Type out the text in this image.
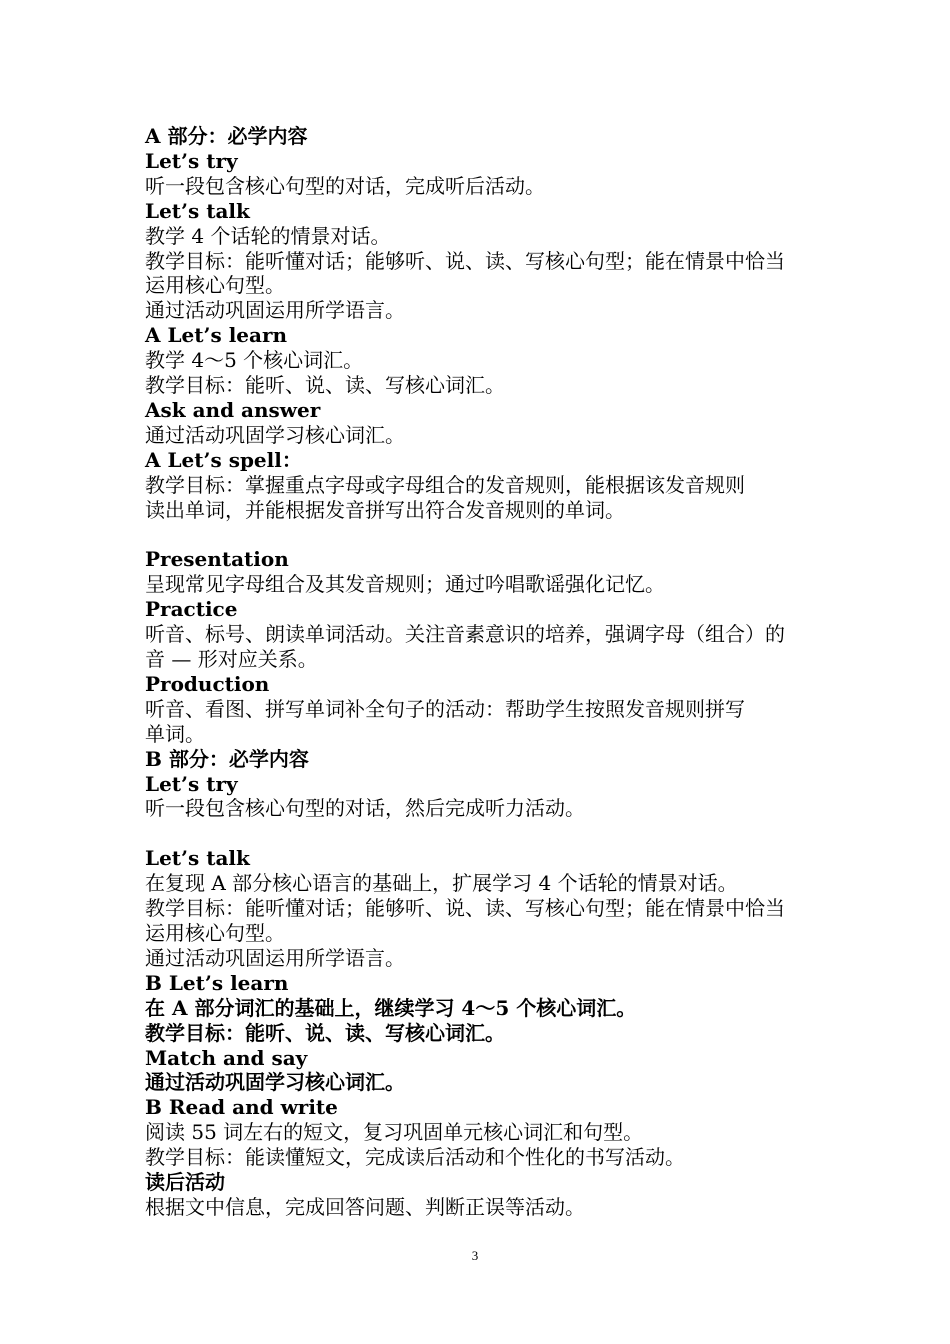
A 部分：必学内容

Let’s try

听一段包含核心句型的对话，完成听后活动。

Let’s talk

教学 4 个话轮的情景对话。

教学目标：能听懂对话；能够听、说、读、写核心句型；能在情景中恰当

运用核心句型。

通过活动巩固运用所学语言。

A Let’s learn

教学 4～5 个核心词汇。

教学目标：能听、说、读、写核心词汇。

Ask and answer

通过活动巩固学习核心词汇。

A Let’s spell：

教学目标：掌握重点字母或字母组合的发音规则，能根据该发音规则

读出单词，并能根据发音拼写出符合发音规则的单词。

Presentation

呈现常见字母组合及其发音规则；通过吟唱歌谣强化记忆。

Practice

听音、标号、朗读单词活动。关注音素意识的培养，强调字母（组合）的

音 — 形对应关系。

Production

听音、看图、拼写单词补全句子的活动：帮助学生按照发音规则拼写

单词。

B 部分：必学内容

Let’s try

听一段包含核心句型的对话，然后完成听力活动。

Let’s talk

在复现 A 部分核心语言的基础上，扩展学习 4 个话轮的情景对话。

教学目标：能听懂对话；能够听、说、读、写核心句型；能在情景中恰当

运用核心句型。

通过活动巩固运用所学语言。

B Let’s learn

在 A 部分词汇的基础上，继续学习 4～5 个核心词汇。

教学目标：能听、说、读、写核心词汇。

Match and say

通过活动巩固学习核心词汇。

B Read and write

阅读 55 词左右的短文，复习巩固单元核心词汇和句型。

教学目标：能读懂短文，完成读后活动和个性化的书写活动。

读后活动

根据文中信息，完成回答问题、判断正误等活动。

3
